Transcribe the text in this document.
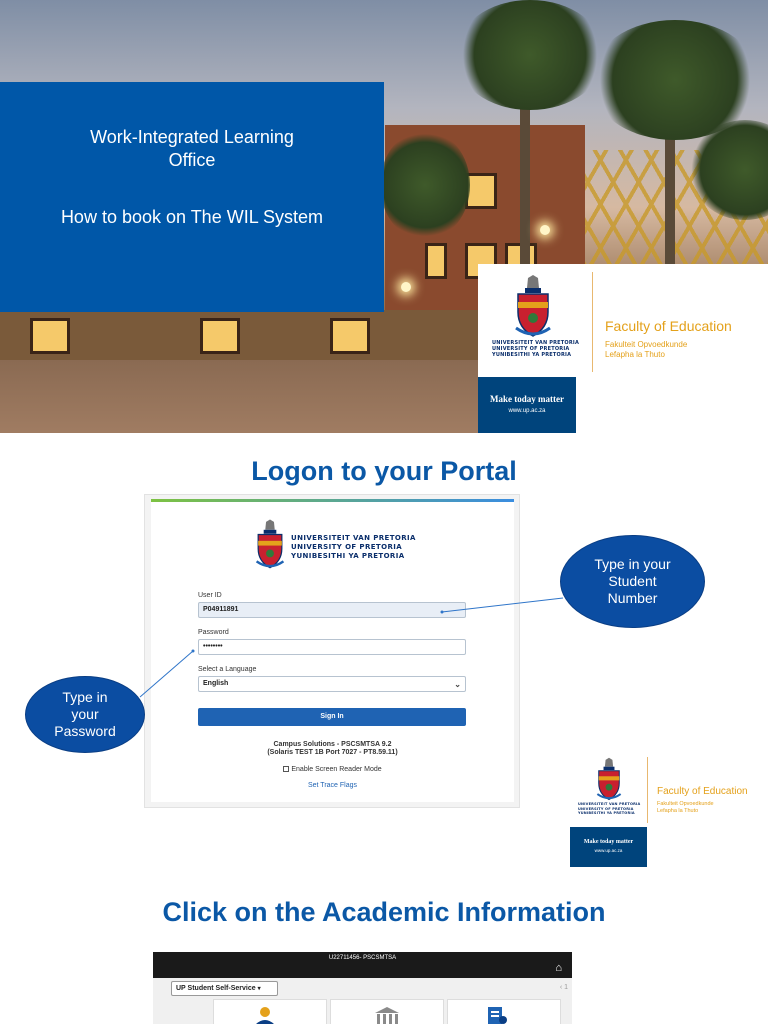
Work-Integrated Learning
Office
How to book on The WIL System
UNIVERSITEIT VAN PRETORIA
UNIVERSITY OF PRETORIA
YUNIBESITHI YA PRETORIA
Faculty of Education
Fakulteit Opvoedkunde
Lefapha la Thuto
Make today matter
www.up.ac.za
Logon to your Portal
UNIVERSITEIT VAN PRETORIA
UNIVERSITY OF PRETORIA
YUNIBESITHI YA PRETORIA
User ID
P04911891
Password
••••••••
Select a Language
English	⌄
Sign In
Campus Solutions - PSCSMTSA 9.2
(Solaris TEST 1B Port 7027 - PT8.59.11)
Enable Screen Reader Mode
Set Trace Flags
Type in your Student Number
Type in your Password
UNIVERSITEIT VAN PRETORIA
UNIVERSITY OF PRETORIA
YUNIBESITHI YA PRETORIA
Faculty of Education
Fakulteit Opvoedkunde
Lefapha la Thuto
Make today matter
www.up.ac.za
Click on the Academic Information
U22711456- PSCSMTSA
⌂
UP Student Self-Service ▾	‹ 1
